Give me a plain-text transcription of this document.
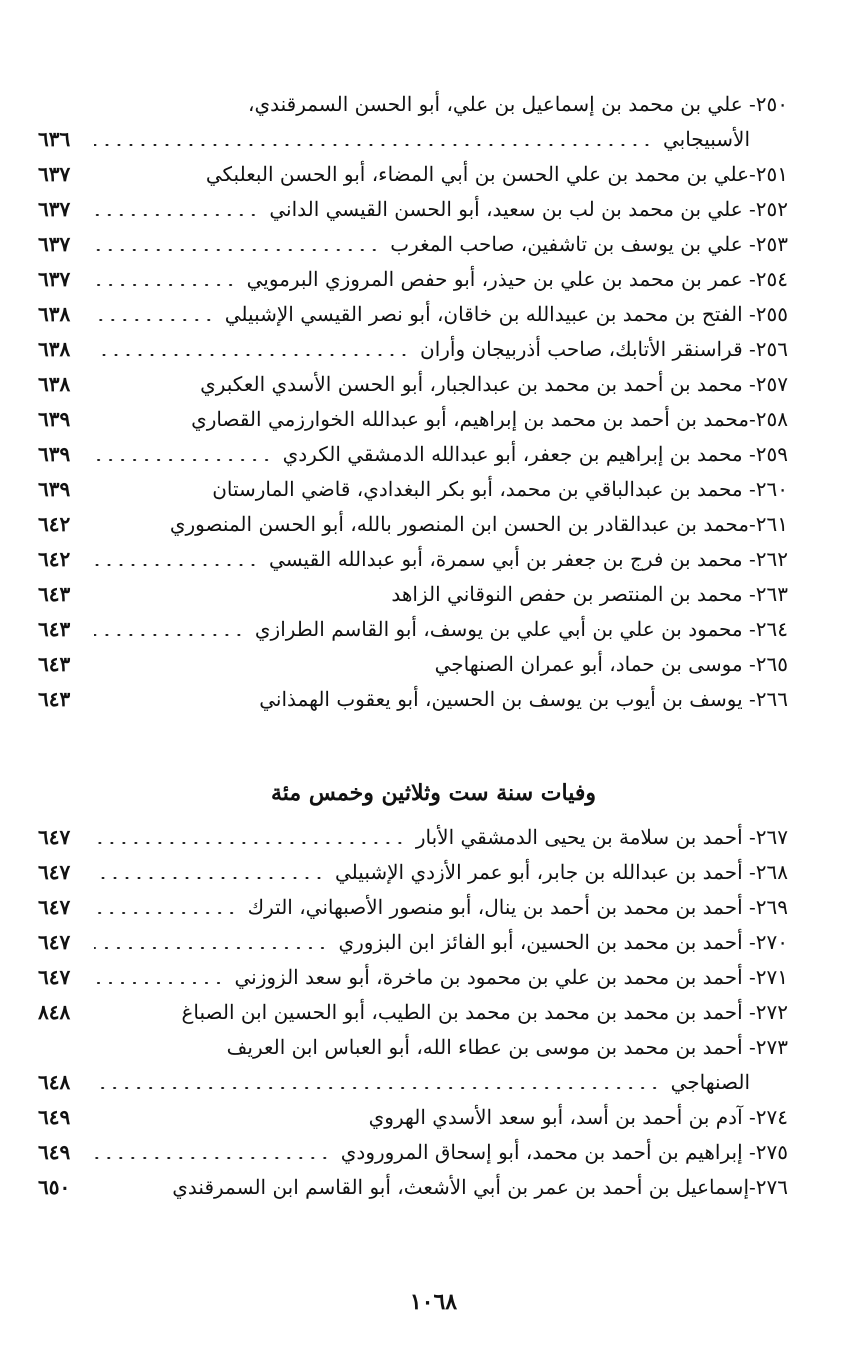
٢٥٠- علي بن محمد بن إسماعيل بن علي، أبو الحسن السمرقندي،
٦٣٦	الأسبيجابي
٦٣٧	٢٥١-علي بن محمد بن علي الحسن بن أبي المضاء، أبو الحسن البعلبكي
٦٣٧	٢٥٢- علي بن محمد بن لب بن سعيد، أبو الحسن القيسي الداني
٦٣٧	٢٥٣- علي بن يوسف بن تاشفين، صاحب المغرب
٦٣٧	٢٥٤- عمر بن محمد بن علي بن حيذر، أبو حفص المروزي البرمويي
٦٣٨	٢٥٥- الفتح بن محمد بن عبيدالله بن خاقان، أبو نصر القيسي الإشبيلي
٦٣٨	٢٥٦- قراسنقر الأتابك، صاحب أذربيجان وأران
٦٣٨	٢٥٧- محمد بن أحمد بن محمد بن عبدالجبار، أبو الحسن الأسدي العكبري
٦٣٩	٢٥٨-محمد بن أحمد بن محمد بن إبراهيم، أبو عبدالله الخوارزمي القصاري
٦٣٩	٢٥٩- محمد بن إبراهيم بن جعفر، أبو عبدالله الدمشقي الكردي
٦٣٩	٢٦٠- محمد بن عبدالباقي بن محمد، أبو بكر البغدادي، قاضي المارستان
٦٤٢	٢٦١-محمد بن عبدالقادر بن الحسن ابن المنصور بالله، أبو الحسن المنصوري
٦٤٢	٢٦٢- محمد بن فرج بن جعفر بن أبي سمرة، أبو عبدالله القيسي
٦٤٣	٢٦٣- محمد بن المنتصر بن حفص النوقاني الزاهد
٦٤٣	٢٦٤- محمود بن علي بن أبي علي بن يوسف، أبو القاسم الطرازي
٦٤٣	٢٦٥- موسى بن حماد، أبو عمران الصنهاجي
٦٤٣	٢٦٦- يوسف بن أيوب بن يوسف بن الحسين، أبو يعقوب الهمذاني
وفيات سنة ست وثلاثين وخمس مئة
٦٤٧	٢٦٧- أحمد بن سلامة بن يحيى الدمشقي الأبار
٦٤٧	٢٦٨- أحمد بن عبدالله بن جابر، أبو عمر الأزدي الإشبيلي
٦٤٧	٢٦٩- أحمد بن محمد بن أحمد بن ينال، أبو منصور الأصبهاني، الترك
٦٤٧	٢٧٠- أحمد بن محمد بن الحسين، أبو الفائز ابن البزوري
٦٤٧	٢٧١- أحمد بن محمد بن علي بن محمود بن ماخرة، أبو سعد الزوزني
٨٤٨	٢٧٢- أحمد بن محمد بن محمد بن محمد بن الطيب، أبو الحسين ابن الصباغ
٢٧٣- أحمد بن محمد بن موسى بن عطاء الله، أبو العباس ابن العريف
٦٤٨	الصنهاجي
٦٤٩	٢٧٤- آدم بن أحمد بن أسد، أبو سعد الأسدي الهروي
٦٤٩	٢٧٥- إبراهيم بن أحمد بن محمد، أبو إسحاق المرورودي
٦٥٠	٢٧٦-إسماعيل بن أحمد بن عمر بن أبي الأشعث، أبو القاسم ابن السمرقندي
١٠٦٨
